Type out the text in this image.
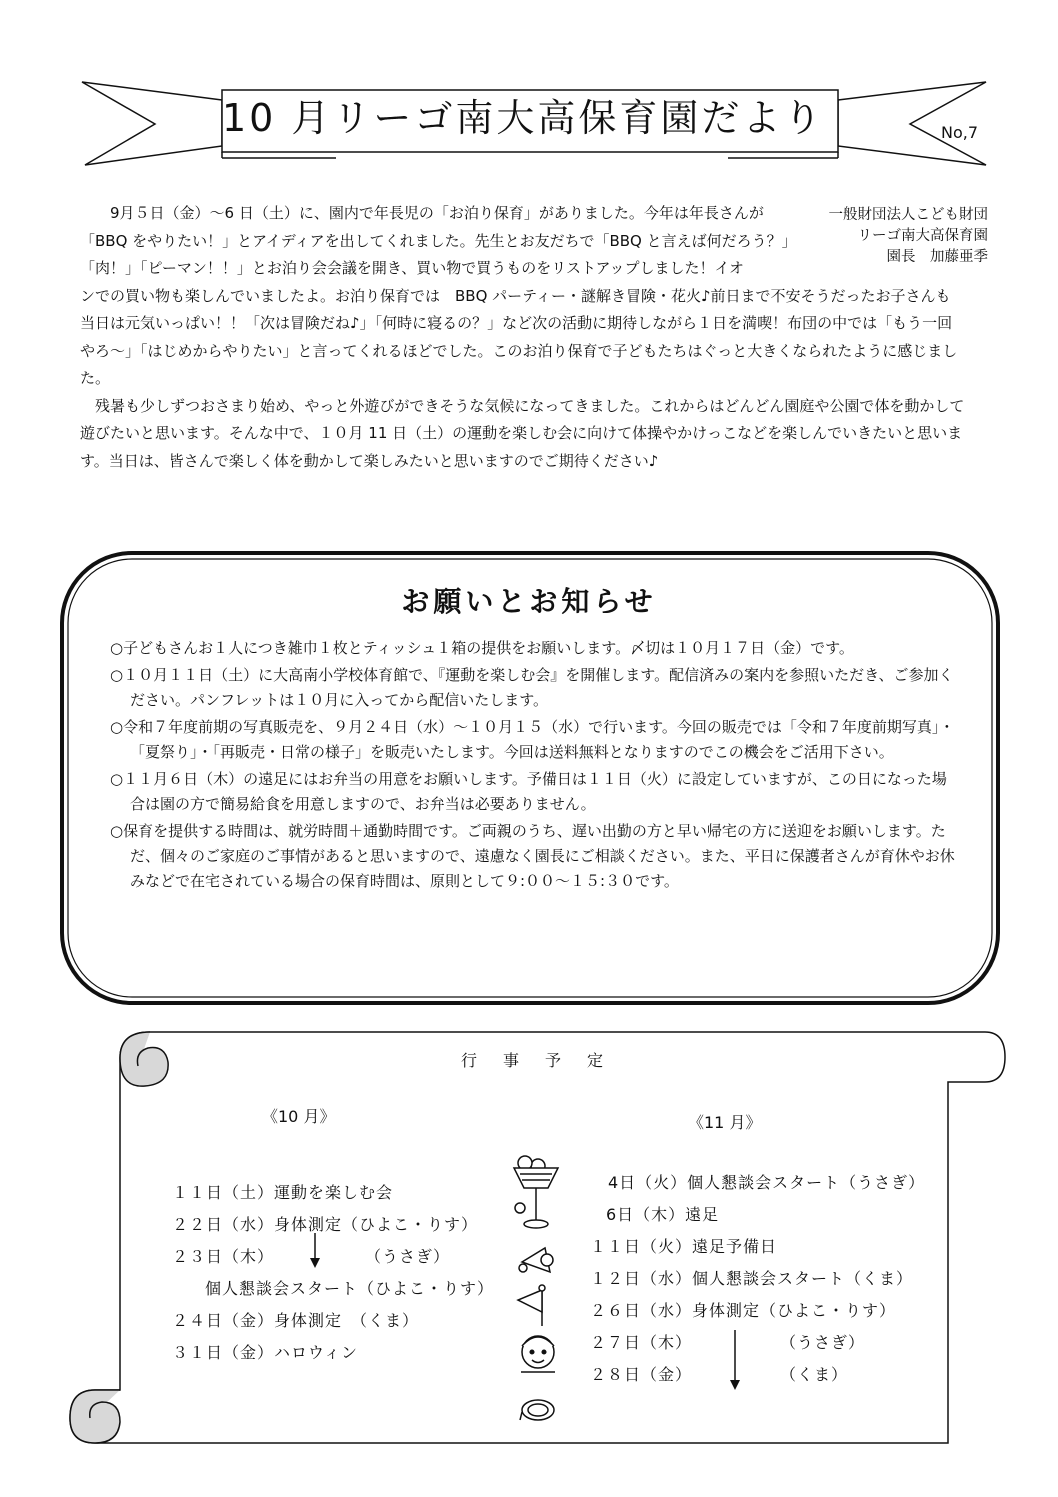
10 月リーゴ南大高保育園だより	No,7
一般財団法人こども財団
リーゴ南大高保育園
園長　加藤亜季

9月５日（金）～6 日（土）に、園内で年長児の「お泊り保育」がありました。今年は年長さんが「BBQ をやりたい！」とアイディアを出してくれました。先生とお友だちで「BBQ と言えば何だろう？」「肉！」「ピーマン！！」とお泊り会会議を開き、買い物で買うものをリストアップしました！イオ

ンでの買い物も楽しんでいましたよ。お泊り保育では　BBQ パーティー・謎解き冒険・花火♪前日まで不安そうだったお子さんも当日は元気いっぱい！！「次は冒険だね♪」「何時に寝るの？」など次の活動に期待しながら１日を満喫！布団の中では「もう一回やろ～」「はじめからやりたい」と言ってくれるほどでした。このお泊り保育で子どもたちはぐっと大きくなられたように感じました。

残暑も少しずつおさまり始め、やっと外遊びができそうな気候になってきました。これからはどんどん園庭や公園で体を動かして遊びたいと思います。そんな中で、１０月 11 日（土）の運動を楽しむ会に向けて体操やかけっこなどを楽しんでいきたいと思います。当日は、皆さんで楽しく体を動かして楽しみたいと思いますのでご期待ください♪

お願いとお知らせ
○子どもさんお１人につき雑巾１枚とティッシュ１箱の提供をお願いします。〆切は１０月１７日（金）です。
○１０月１１日（土）に大高南小学校体育館で、『運動を楽しむ会』を開催します。配信済みの案内を参照いただき、ご参加ください。パンフレットは１０月に入ってから配信いたします。
○令和７年度前期の写真販売を、９月２４日（水）～１０月１５（水）で行います。今回の販売では「令和７年度前期写真」・「夏祭り」・「再販売・日常の様子」を販売いたします。今回は送料無料となりますのでこの機会をご活用下さい。
○１１月６日（木）の遠足にはお弁当の用意をお願いします。予備日は１１日（火）に設定していますが、この日になった場合は園の方で簡易給食を用意しますので、お弁当は必要ありません。
○保育を提供する時間は、就労時間＋通勤時間です。ご両親のうち、遅い出勤の方と早い帰宅の方に送迎をお願いします。ただ、個々のご家庭のご事情があると思いますので、遠慮なく園長にご相談ください。また、平日に保護者さんが育休やお休みなどで在宅されている場合の保育時間は、原則として９:００～１５:３０です。
行事予定
《10 月》
１１日（土）運動を楽しむ会
２２日（水）身体測定（ひよこ・りす）
２３日（木）	（うさぎ）
個人懇談会スタート（ひよこ・りす）
２４日（金）身体測定　（くま）
３１日（金）ハロウィン
《11 月》
4日（火）個人懇談会スタート（うさぎ）
6日（木）遠足
１１日（火）遠足予備日
１２日（水）個人懇談会スタート（くま）
２６日（水）身体測定（ひよこ・りす）
２７日（木）	（うさぎ）
２８日（金）	（くま）
